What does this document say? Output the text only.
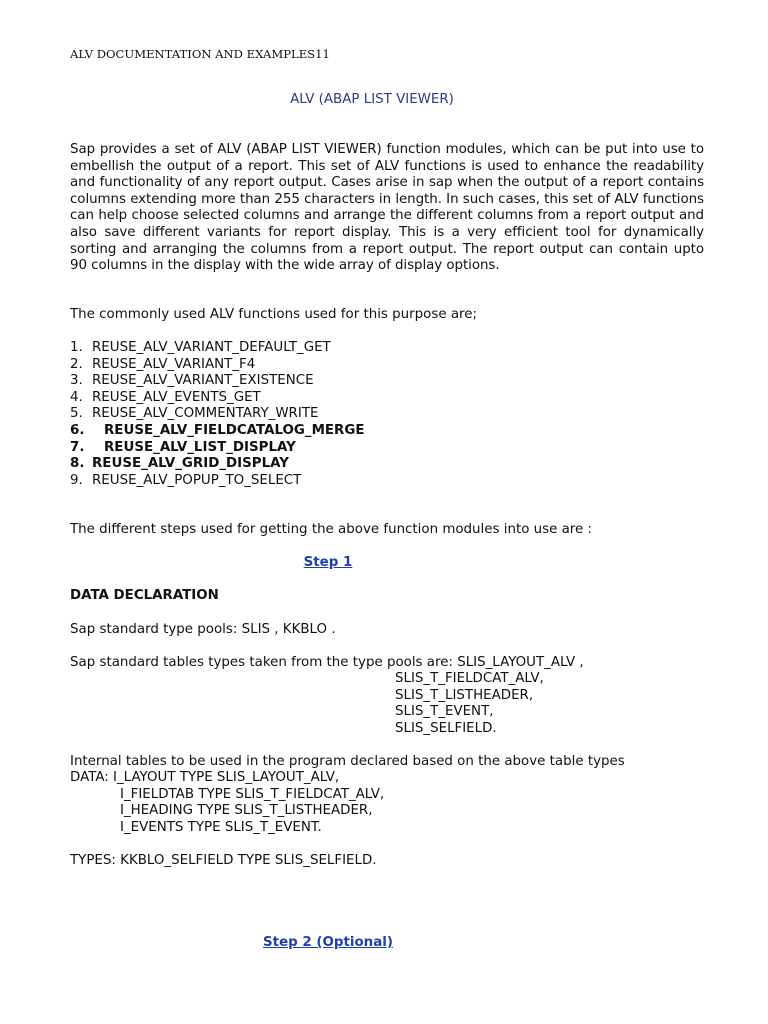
ALV DOCUMENTATION AND EXAMPLES11
ALV (ABAP LIST VIEWER)
Sap provides a set of ALV (ABAP LIST VIEWER) function modules, which can be put into use to embellish the output of a report. This set of ALV functions is used to enhance the readability and functionality of any report output. Cases arise in sap when the output of a report contains columns extending more than 255 characters in length. In such cases, this set of ALV functions can help choose selected columns and arrange the different columns from a report output and also save different variants for report display. This is a very efficient tool for dynamically sorting and arranging the columns from a report output. The report output can contain upto 90 columns in the display with the wide array of display options.
The commonly used ALV functions used for this purpose are;
1. REUSE_ALV_VARIANT_DEFAULT_GET
2. REUSE_ALV_VARIANT_F4
3. REUSE_ALV_VARIANT_EXISTENCE
4. REUSE_ALV_EVENTS_GET
5. REUSE_ALV_COMMENTARY_WRITE
6. REUSE_ALV_FIELDCATALOG_MERGE
7. REUSE_ALV_LIST_DISPLAY
8. REUSE_ALV_GRID_DISPLAY
9. REUSE_ALV_POPUP_TO_SELECT
The different steps used for getting the above function modules into use are :
Step 1
DATA DECLARATION
Sap standard type pools: SLIS , KKBLO .
Sap standard tables types taken from the type pools are: SLIS_LAYOUT_ALV ,
SLIS_T_FIELDCAT_ALV,
SLIS_T_LISTHEADER,
SLIS_T_EVENT,
SLIS_SELFIELD.
Internal tables to be used in the program declared based on the above table types
DATA: I_LAYOUT TYPE SLIS_LAYOUT_ALV,
I_FIELDTAB TYPE SLIS_T_FIELDCAT_ALV,
I_HEADING TYPE SLIS_T_LISTHEADER,
I_EVENTS TYPE SLIS_T_EVENT.
TYPES: KKBLO_SELFIELD TYPE SLIS_SELFIELD.
Step 2 (Optional)
